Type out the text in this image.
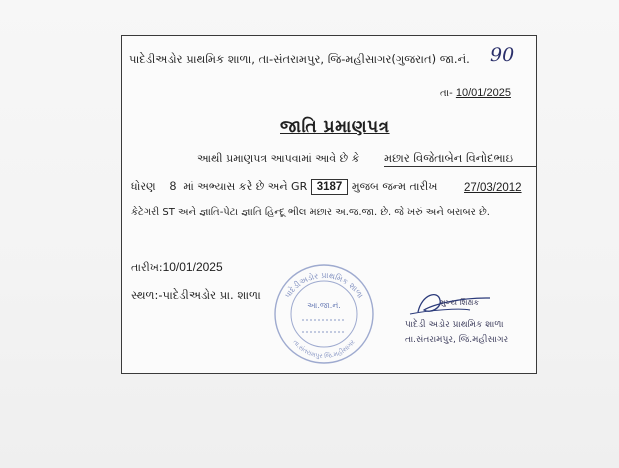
પાદેડીઅડોર પ્રાથમિક શાળા, તા-સંતરામપુર, જિ-મહીસાગર(ગુજરાત) જા.નં. 90
તા- 10/01/2025
જાતિ પ્રમાણપત્ર
આથી પ્રમાણપત્ર આપવામાં આવે છે કે મછાર વિજેતાબેન વિનોદભાઇ
ધોરણ 8 માં અભ્યાસ કરે છે અને GR 3187 મુજબ જન્મ તારીખ 27/03/2012
કેટેગરી ST અને જ્ઞાતિ-પેટા જ્ઞાતિ હિન્દૂ ભીલ મછાર અ.જ.જા. છે. જે ખરું અને બરાબર છે.
તારીખ:10/01/2025
સ્થળ:-પાદેડીઅડોર પ્રા. શાળા	પાદેડીઅડોર પ્રાથમિક શાળા
તા.સંતરામપુર જિ.મહીસાગર
આ.જા.નં.	મુખ્ય શિક્ષક
પાદેડી અડોર પ્રાથમિક શાળા
તા.સંતરામપુર, જિ.મહીસાગર
